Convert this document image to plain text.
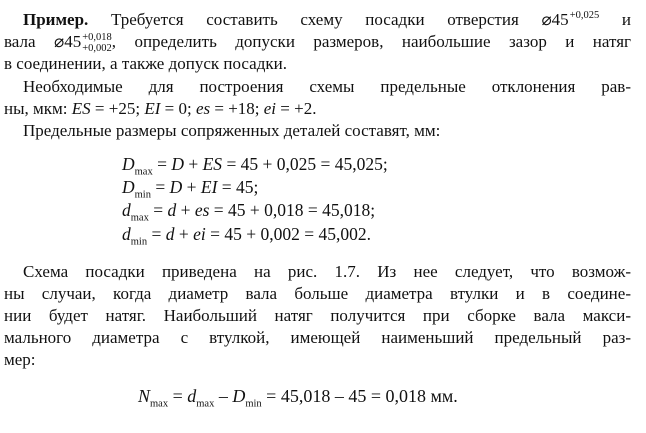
Пример. Требуется составить схему посадки отверстия ⌀45 +0,025 и
вала ⌀45 +0,018
+0,002 , определить допуски размеров, наибольшие зазор и натяг
в соединении, а также допуск посадки.
Необходимые для построения схемы предельные отклонения рав-
ны, мкм: ES = +25; EI = 0; es = +18; ei = +2.
Предельные размеры сопряженных деталей составят, мм:
$D_{max} = D$ + ES = 45 + 0,025 = 45,025;
$D_{min} = D$ + EI = 45;
$d_{max} = d$ + es = 45 + 0,018 = 45,018;
$d_{min} = d$ + ei = 45 + 0,002 = 45,002.
Схема посадки приведена на рис. 1.7. Из нее следует, что возмож-
ны случаи, когда диаметр вала больше диаметра втулки и в соедине-
нии будет натяг. Наибольший натяг получится при сборке вала макси-
мального диаметра с втулкой, имеющей наименьший предельный раз-
мер:
$N_{max} = d_{max} - D_{min} = 45,018 - 45 = 0,018$ мм.
